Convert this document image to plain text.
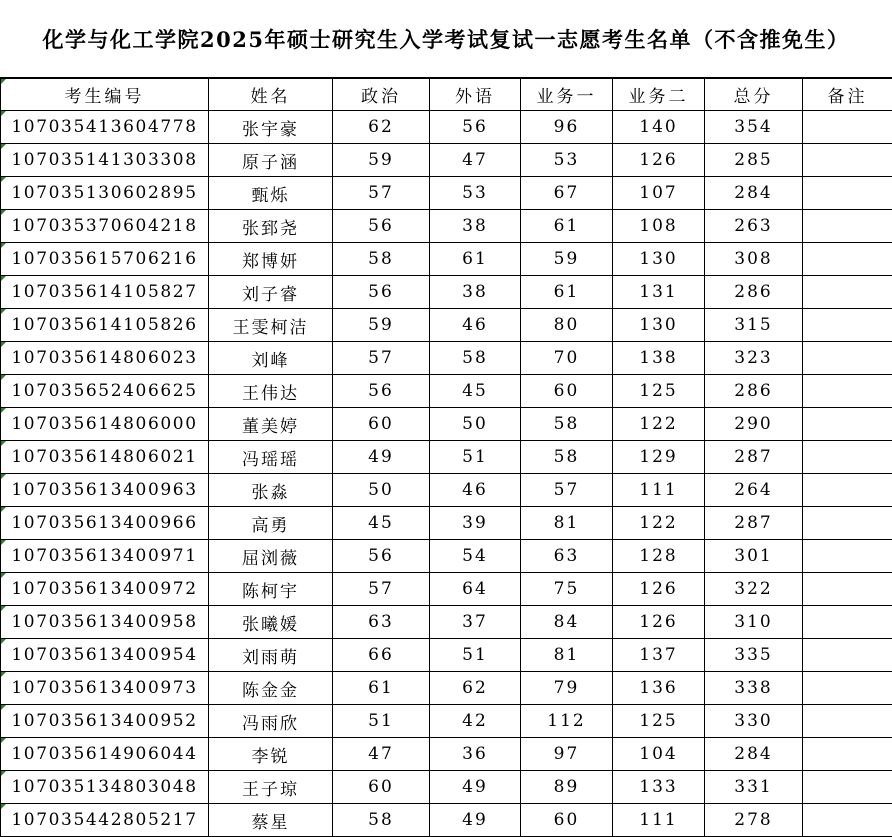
化学与化工学院2025年硕士研究生入学考试复试一志愿考生名单（不含推免生）
考生编号	姓名	政治	外语	业务一	业务二	总分	备注
107035413604778	张宇豪	62	56	96	140	354	
107035141303308	原子涵	59	47	53	126	285	
107035130602895	甄烁	57	53	67	107	284	
107035370604218	张郅尧	56	38	61	108	263	
107035615706216	郑博妍	58	61	59	130	308	
107035614105827	刘子睿	56	38	61	131	286	
107035614105826	王雯柯洁	59	46	80	130	315	
107035614806023	刘峰	57	58	70	138	323	
107035652406625	王伟达	56	45	60	125	286	
107035614806000	董美婷	60	50	58	122	290	
107035614806021	冯瑶瑶	49	51	58	129	287	
107035613400963	张淼	50	46	57	111	264	
107035613400966	高勇	45	39	81	122	287	
107035613400971	屈浏薇	56	54	63	128	301	
107035613400972	陈柯宇	57	64	75	126	322	
107035613400958	张曦媛	63	37	84	126	310	
107035613400954	刘雨萌	66	51	81	137	335	
107035613400973	陈金金	61	62	79	136	338	
107035613400952	冯雨欣	51	42	112	125	330	
107035614906044	李锐	47	36	97	104	284	
107035134803048	王子琼	60	49	89	133	331	
107035442805217	蔡星	58	49	60	111	278	
